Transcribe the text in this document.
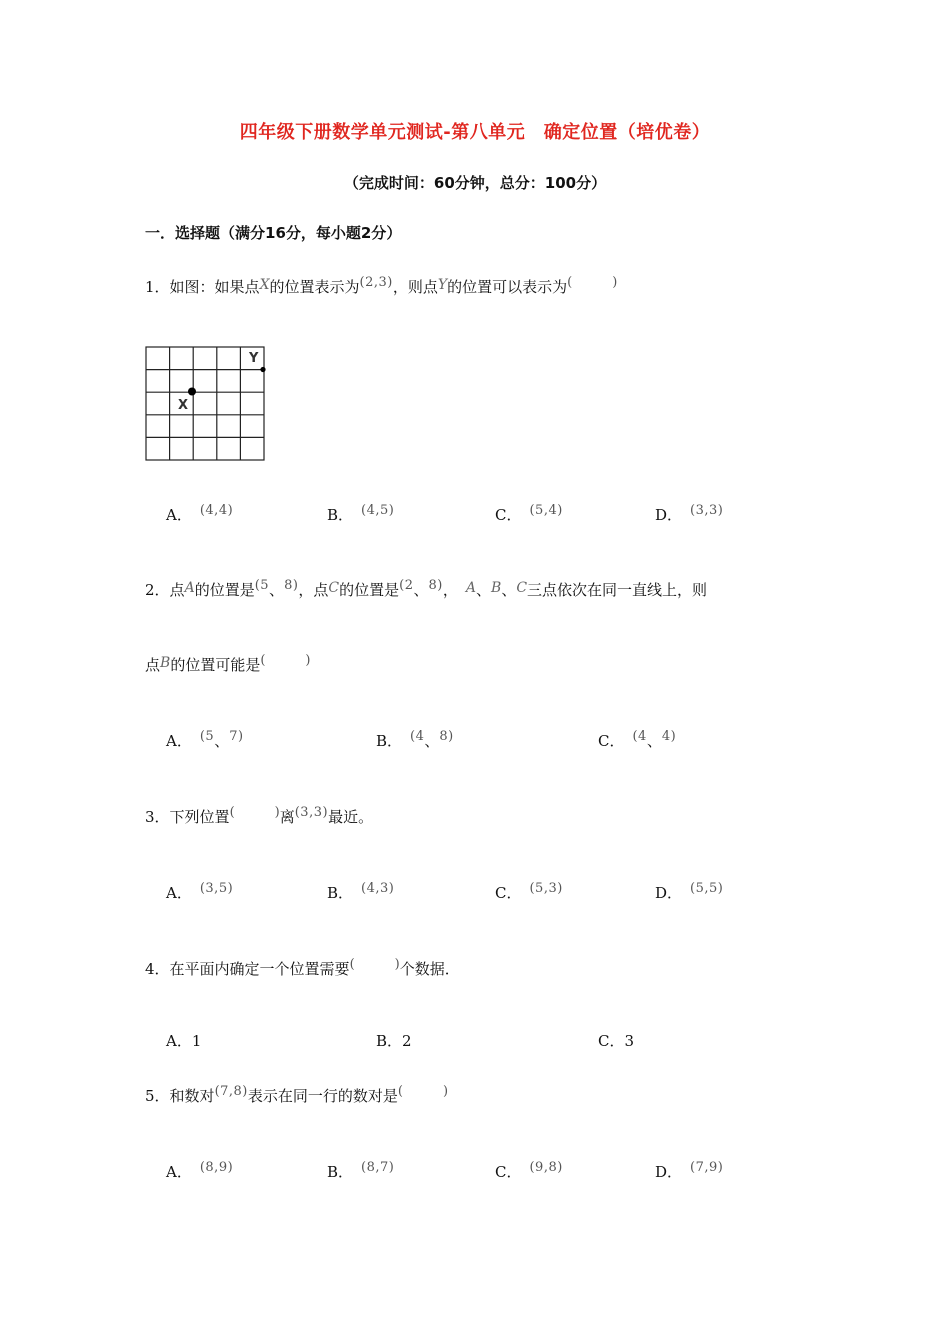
四年级下册数学单元测试-第八单元　确定位置（培优卷）
（完成时间：60分钟，总分：100分）
一．选择题（满分16分，每小题2分）
1．如图：如果点X的位置表示为(2,3)，则点Y的位置可以表示为(	)
X
Y
A． (4,4)	B． (4,5)	C． (5,4)	D． (3,3)
2．点A的位置是(5、8)，点C的位置是(2、8)， A、B、C三点依次在同一直线上，则
点B的位置可能是(	)
A． (5、7)	B． (4、8)	C． (4、4)
3．下列位置(	)离(3,3)最近。
A． (3,5)	B． (4,3)	C． (5,3)	D． (5,5)
4．在平面内确定一个位置需要(	)个数据．
A．1	B．2	C．3
5．和数对(7,8)表示在同一行的数对是(	)
A． (8,9)	B． (8,7)	C． (9,8)	D． (7,9)
